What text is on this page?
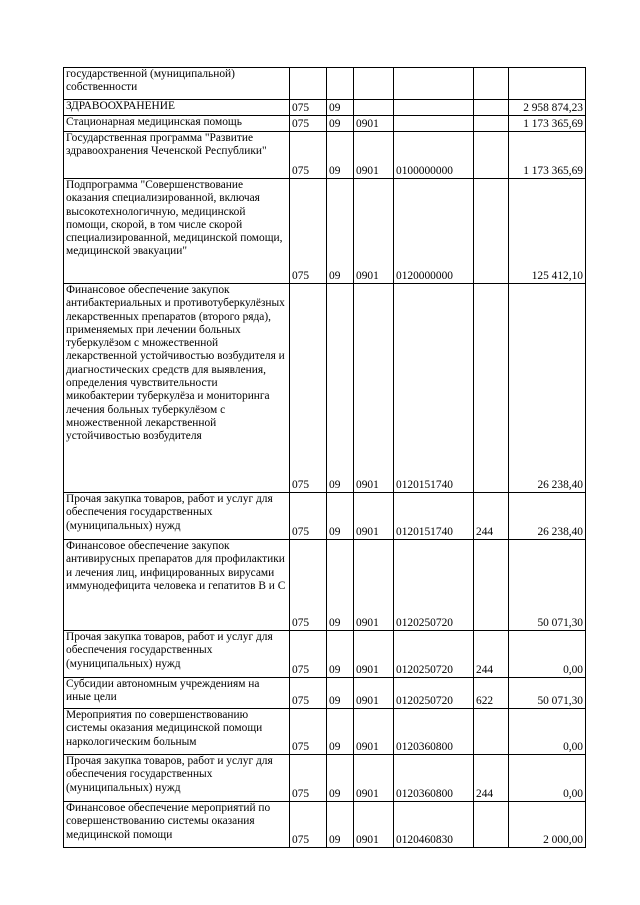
государственной (муниципальной) собственности						
ЗДРАВООХРАНЕНИЕ	075	09				2 958 874,23
Стационарная медицинская помощь	075	09	0901			1 173 365,69
Государственная программа "Развитие здравоохранения Чеченской Республики"	075	09	0901	0100000000		1 173 365,69
Подпрограмма "Совершенствование оказания специализированной, включая высокотехнологичную, медицинской помощи, скорой, в том числе скорой специализированной, медицинской помощи, медицинской эвакуации"	075	09	0901	0120000000		125 412,10
Финансовое обеспечение закупок антибактериальных и противотуберкулёзных лекарственных препаратов (второго ряда), применяемых при лечении больных туберкулёзом с множественной лекарственной устойчивостью возбудителя и диагностических средств для выявления, определения чувствительности микобактерии туберкулёза и мониторинга лечения больных туберкулёзом с множественной лекарственной устойчивостью возбудителя	075	09	0901	0120151740		26 238,40
Прочая закупка товаров, работ и услуг для обеспечения государственных (муниципальных) нужд	075	09	0901	0120151740	244	26 238,40
Финансовое обеспечение закупок антивирусных препаратов для профилактики и лечения лиц, инфицированных вирусами иммунодефицита человека и гепатитов В и С	075	09	0901	0120250720		50 071,30
Прочая закупка товаров, работ и услуг для обеспечения государственных (муниципальных) нужд	075	09	0901	0120250720	244	0,00
Субсидии автономным учреждениям на иные цели	075	09	0901	0120250720	622	50 071,30
Мероприятия по совершенствованию системы оказания медицинской помощи наркологическим больным	075	09	0901	0120360800		0,00
Прочая закупка товаров, работ и услуг для обеспечения государственных (муниципальных) нужд	075	09	0901	0120360800	244	0,00
Финансовое обеспечение мероприятий по совершенствованию системы оказания медицинской помощи	075	09	0901	0120460830		2 000,00
